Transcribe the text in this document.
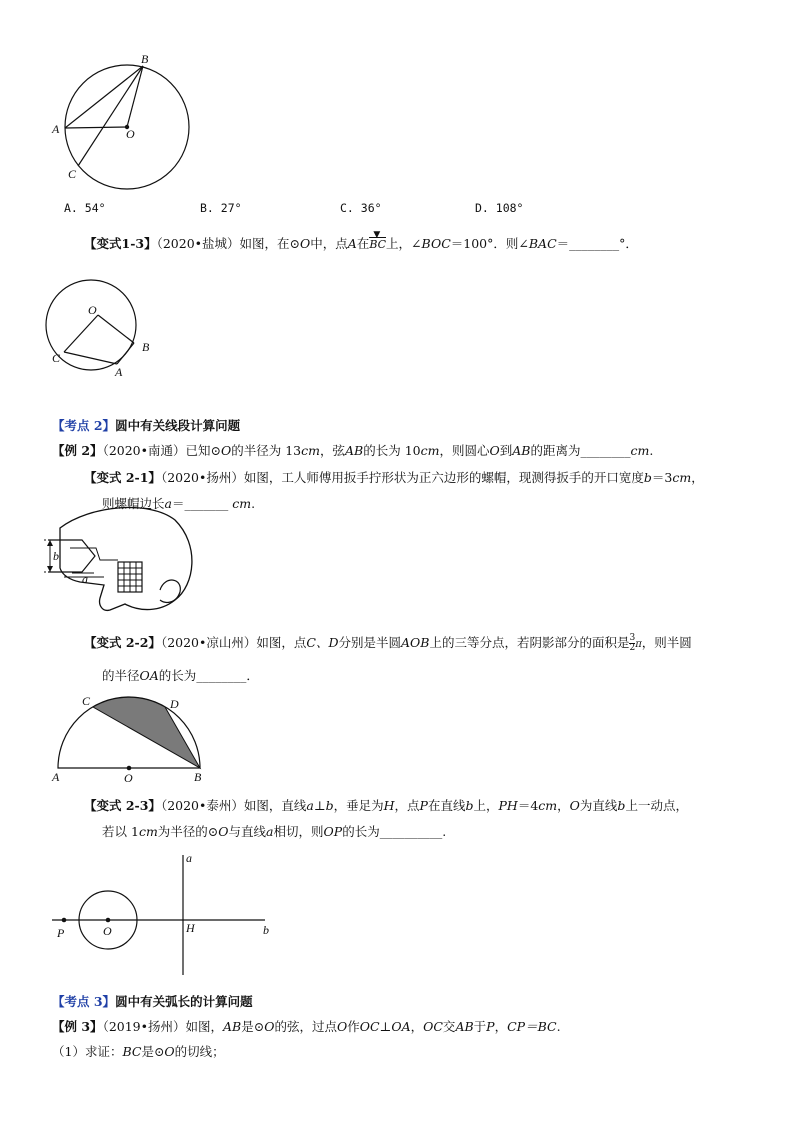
B
A	O
C
A. 54°	B. 27°	C. 36°	D. 108°
【变式1-3】（2020•盐城）如图，在⊙O中，点A在
▼
BC上，∠BOC＝100°．则∠BAC＝________°．
O
C
B
A
【考点 2】圆中有关线段计算问题
【例 2】（2020•南通）已知⊙O的半径为 13cm，弦AB的长为 10cm，则圆心O到AB的距离为________cm.
【变式 2-1】（2020•扬州）如图，工人师傅用扳手拧形状为正六边形的螺帽，现测得扳手的开口宽度b＝3cm，
则螺帽边长a＝_______ cm.
b
a
【变式 2-2】（2020•凉山州）如图，点C、D分别是半圆AOB上的三等分点，若阴影部分的面积是 $\frac{3}{2}$ π，则半圆
的半径OA的长为________．
A	O	B
C	D
【变式 2-3】（2020•泰州）如图，直线a⊥b，垂足为H，点P在直线b上，PH＝4cm，O为直线b上一动点，
若以 1cm为半径的⊙O与直线a相切，则OP的长为__________.
a
b
P	O	H
【考点 3】圆中有关弧长的计算问题
【例 3】（2019•扬州）如图，AB是⊙O的弦，过点O作OC⊥OA，OC交AB于P，CP＝BC.
（1）求证：BC是⊙O的切线；
